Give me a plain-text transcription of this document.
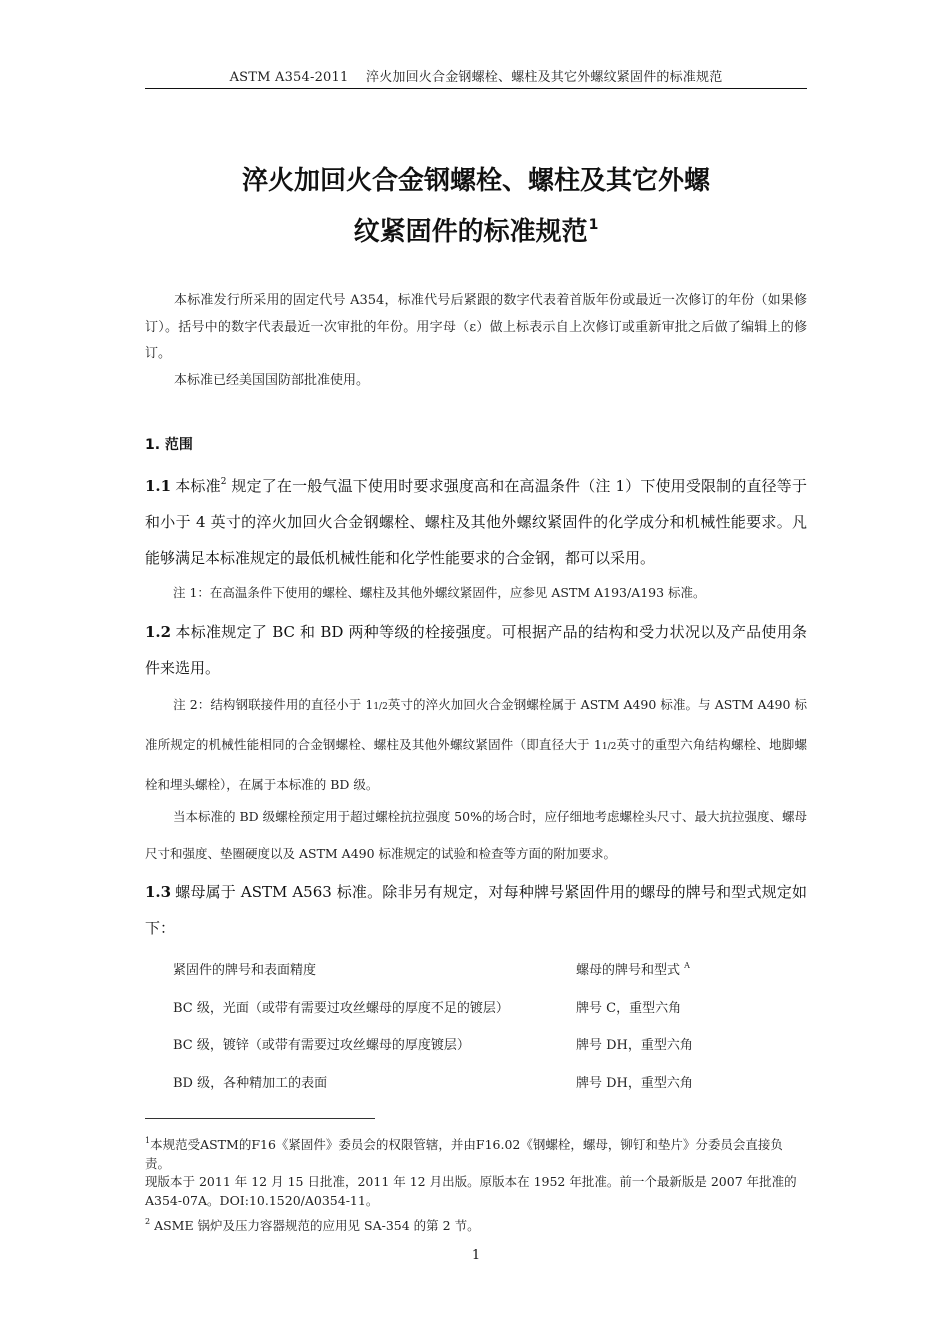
ASTM A354-2011　 淬火加回火合金钢螺栓、螺柱及其它外螺纹紧固件的标准规范
淬火加回火合金钢螺栓、螺柱及其它外螺
纹紧固件的标准规范$^1$

本标准发行所采用的固定代号 A354，标准代号后紧跟的数字代表着首版年份或最近一次修订的年份（如果修订）。括号中的数字代表最近一次审批的年份。用字母（ε）做上标表示自上次修订或重新审批之后做了编辑上的修订。

本标准已经美国国防部批准使用。

1. 范围
1.1 本标准$^2$ 规定了在一般气温下使用时要求强度高和在高温条件（注 1）下使用受限制的直径等于和小于 4 英寸的淬火加回火合金钢螺栓、螺柱及其他外螺纹紧固件的化学成分和机械性能要求。凡能够满足本标准规定的最低机械性能和化学性能要求的合金钢，都可以采用。
注 1：在高温条件下使用的螺栓、螺柱及其他外螺纹紧固件，应参见 ASTM A193/A193 标准。
1.2 本标准规定了 BC 和 BD 两种等级的栓接强度。可根据产品的结构和受力状况以及产品使用条件来选用。
注 2：结构钢联接件用的直径小于 11/2英寸的淬火加回火合金钢螺栓属于 ASTM A490 标准。与 ASTM A490 标准所规定的机械性能相同的合金钢螺栓、螺柱及其他外螺纹紧固件（即直径大于 11/2英寸的重型六角结构螺栓、地脚螺栓和埋头螺栓），在属于本标准的 BD 级。
当本标准的 BD 级螺栓预定用于超过螺栓抗拉强度 50%的场合时，应仔细地考虑螺栓头尺寸、最大抗拉强度、螺母尺寸和强度、垫圈硬度以及 ASTM A490 标准规定的试验和检查等方面的附加要求。
1.3 螺母属于 ASTM A563 标准。除非另有规定，对每种牌号紧固件用的螺母的牌号和型式规定如下：
紧固件的牌号和表面精度	螺母的牌号和型式 $^A$
BC 级，光面（或带有需要过攻丝螺母的厚度不足的镀层）	牌号 C，重型六角
BC 级，镀锌（或带有需要过攻丝螺母的厚度镀层）	牌号 DH，重型六角
BD 级，各种精加工的表面	牌号 DH，重型六角
$^1$本规范受ASTM的F16《紧固件》委员会的权限管辖，并由F16.02《钢螺栓，螺母，铆钉和垫片》分委员会直接负责。
现版本于 2011 年 12 月 15 日批准，2011 年 12 月出版。原版本在 1952 年批准。前一个最新版是 2007 年批准的 A354-07A。DOI:10.1520/A0354-11。
$^2$ ASME 锅炉及压力容器规范的应用见 SA-354 的第 2 节。
1
